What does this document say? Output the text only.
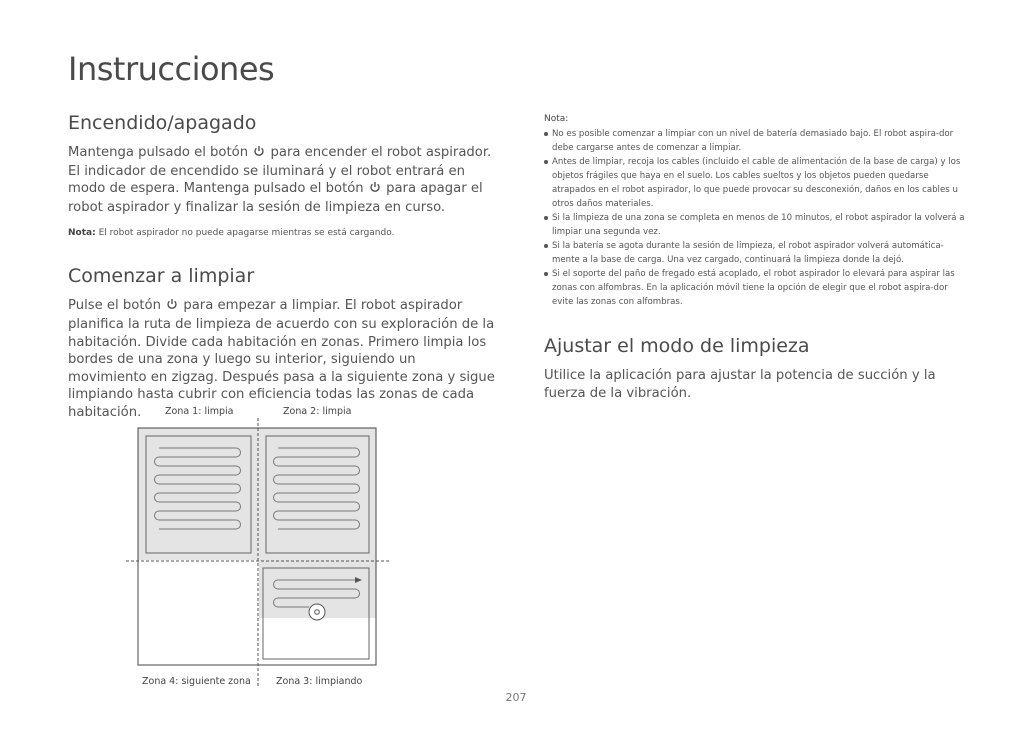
Instrucciones
Encendido/apagado

Mantenga pulsado el botón para encender el robot aspirador. El indicador de encendido se iluminará y el robot entrará en modo de espera. Mantenga pulsado el botón para apagar el robot aspirador y finalizar la sesión de limpieza en curso.

Nota: El robot aspirador no puede apagarse mientras se está cargando.

Comenzar a limpiar

Pulse el botón para empezar a limpiar. El robot aspirador planifica la ruta de limpieza de acuerdo con su exploración de la habitación. Divide cada habitación en zonas. Primero limpia los bordes de una zona y luego su interior, siguiendo un movimiento en zigzag. Después pasa a la siguiente zona y sigue limpiando hasta cubrir con eficiencia todas las zonas de cada habitación.

Nota:
No es posible comenzar a limpiar con un nivel de batería demasiado bajo. El robot aspira-dor debe cargarse antes de comenzar a limpiar.
Antes de limpiar, recoja los cables (incluido el cable de alimentación de la base de carga) y los objetos frágiles que haya en el suelo. Los cables sueltos y los objetos pueden quedarse atrapados en el robot aspirador, lo que puede provocar su desconexión, daños en los cables u otros daños materiales.
Si la limpieza de una zona se completa en menos de 10 minutos, el robot aspirador la volverá a limpiar una segunda vez.
Si la batería se agota durante la sesión de limpieza, el robot aspirador volverá automática-mente a la base de carga. Una vez cargado, continuará la limpieza donde la dejó.
Si el soporte del paño de fregado está acoplado, el robot aspirador lo elevará para aspirar las zonas con alfombras. En la aplicación móvil tiene la opción de elegir que el robot aspira-dor evite las zonas con alfombras.
Ajustar el modo de limpieza

Utilice la aplicación para ajustar la potencia de succión y la fuerza de la vibración.

Zona 1: limpia	Zona 2: limpia
Zona 4: siguiente zona	Zona 3: limpiando
207
